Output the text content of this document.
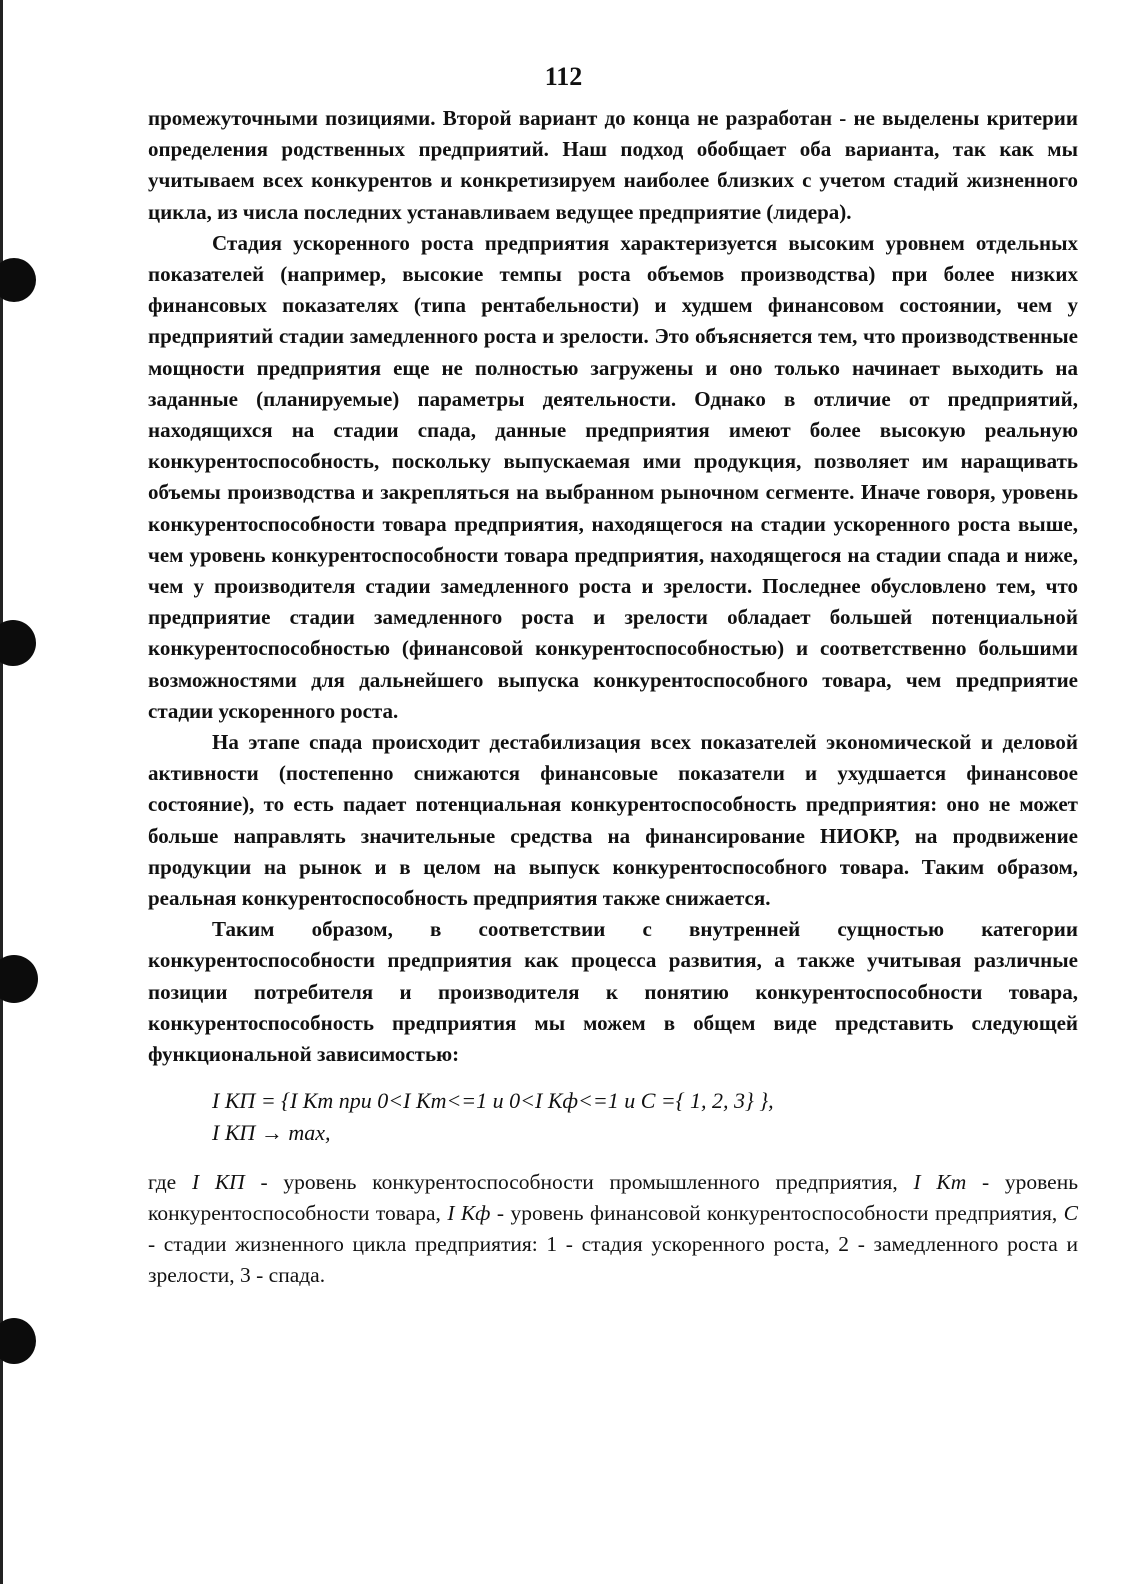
112

промежуточными позициями. Второй вариант до конца не разработан - не выделены критерии определения родственных предприятий. Наш подход обобщает оба варианта, так как мы учитываем всех конкурентов и конкретизируем наиболее близких с учетом стадий жизненного цикла, из числа последних устанавливаем ведущее предприятие (лидера).

Стадия ускоренного роста предприятия характеризуется высоким уровнем отдельных показателей (например, высокие темпы роста объемов производства) при более низких финансовых показателях (типа рентабельности) и худшем финансовом состоянии, чем у предприятий стадии замедленного роста и зрелости. Это объясняется тем, что производственные мощности предприятия еще не полностью загружены и оно только начинает выходить на заданные (планируемые) параметры деятельности. Однако в отличие от предприятий, находящихся на стадии спада, данные предприятия имеют более высокую реальную конкурентоспособность, поскольку выпускаемая ими продукция, позволяет им наращивать объемы производства и закрепляться на выбранном рыночном сегменте. Иначе говоря, уровень конкурентоспособности товара предприятия, находящегося на стадии ускоренного роста выше, чем уровень конкурентоспособности товара предприятия, находящегося на стадии спада и ниже, чем у производителя стадии замедленного роста и зрелости. Последнее обусловлено тем, что предприятие стадии замедленного роста и зрелости обладает большей потенциальной конкурентоспособностью (финансовой конкурентоспособностью) и соответственно большими возможностями для дальнейшего выпуска конкурентоспособного товара, чем предприятие стадии ускоренного роста.

На этапе спада происходит дестабилизация всех показателей экономической и деловой активности (постепенно снижаются финансовые показатели и ухудшается финансовое состояние), то есть падает потенциальная конкурентоспособность предприятия: оно не может больше направлять значительные средства на финансирование НИОКР, на продвижение продукции на рынок и в целом на выпуск конкурентоспособного товара. Таким образом, реальная конкурентоспособность предприятия также снижается.

Таким образом, в соответствии с внутренней сущностью категории конкурентоспособности предприятия как процесса развития, а также учитывая различные позиции потребителя и производителя к понятию конкурентоспособности товара, конкурентоспособность предприятия мы можем в общем виде представить следующей функциональной зависимостью:

I КП = {I Кт при 0<I Кт<=1 и 0<I Кф<=1 и С ={ 1, 2, 3} },
I КП → max,

где I КП - уровень конкурентоспособности промышленного предприятия, I Кт - уровень конкурентоспособности товара, I Кф - уровень финансовой конкурентоспособности предприятия, С - стадии жизненного цикла предприятия: 1 - стадия ускоренного роста, 2 - замедленного роста и зрелости, 3 - спада.
